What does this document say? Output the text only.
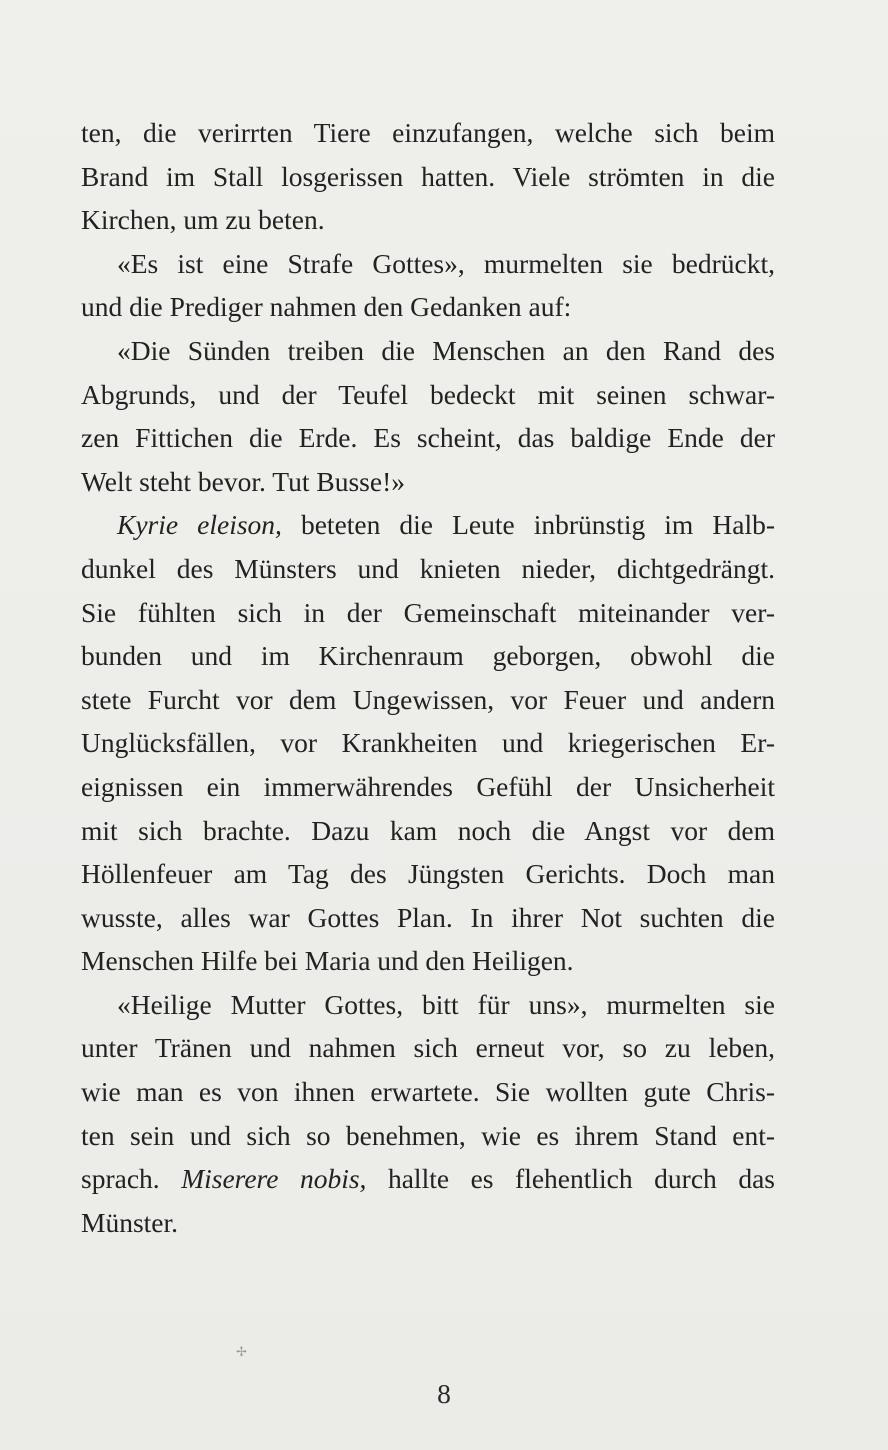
ten, die verirrten Tiere einzufangen, welche sich beim
Brand im Stall losgerissen hatten. Viele strömten in die
Kirchen, um zu beten.
«Es ist eine Strafe Gottes», murmelten sie bedrückt,
und die Prediger nahmen den Gedanken auf:
«Die Sünden treiben die Menschen an den Rand des
Abgrunds, und der Teufel bedeckt mit seinen schwar-
zen Fittichen die Erde. Es scheint, das baldige Ende der
Welt steht bevor. Tut Busse!»
Kyrie eleison, beteten die Leute inbrünstig im Halb-
dunkel des Münsters und knieten nieder, dichtgedrängt.
Sie fühlten sich in der Gemeinschaft miteinander ver-
bunden und im Kirchenraum geborgen, obwohl die
stete Furcht vor dem Ungewissen, vor Feuer und andern
Unglücksfällen, vor Krankheiten und kriegerischen Er-
eignissen ein immerwährendes Gefühl der Unsicherheit
mit sich brachte. Dazu kam noch die Angst vor dem
Höllenfeuer am Tag des Jüngsten Gerichts. Doch man
wusste, alles war Gottes Plan. In ihrer Not suchten die
Menschen Hilfe bei Maria und den Heiligen.
«Heilige Mutter Gottes, bitt für uns», murmelten sie
unter Tränen und nahmen sich erneut vor, so zu leben,
wie man es von ihnen erwartete. Sie wollten gute Chris-
ten sein und sich so benehmen, wie es ihrem Stand ent-
sprach. Miserere nobis, hallte es flehentlich durch das
Münster.
✢
8
